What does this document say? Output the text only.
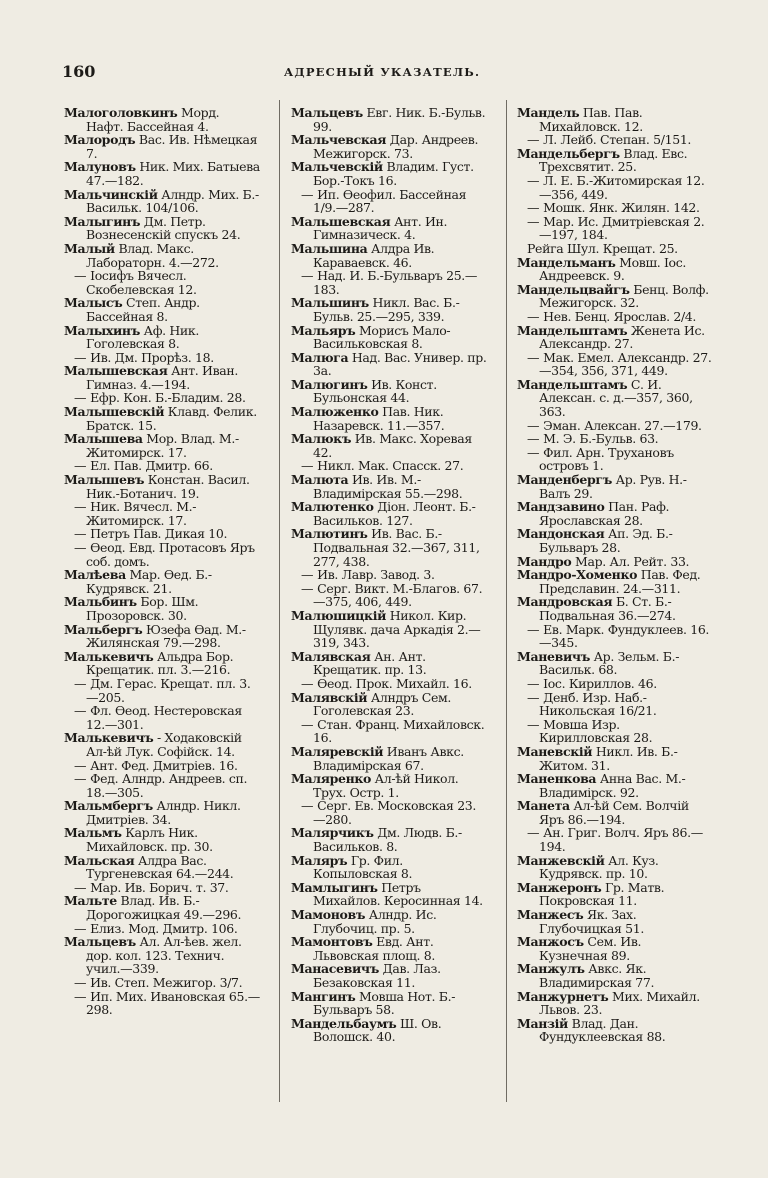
160	АДРЕСНЫЙ УКАЗАТЕЛЬ.

Малоголовкинъ Морд. Нафт. Бассейная 4.

Малородъ Вас. Ив. Нѣмецкая 7.

Малуновъ Ник. Мих. Батыева 47.—182.

Мальчинскій Алндр. Мих. Б.-Васильк. 104/106.

Малыгинъ Дм. Петр. Вознесенскій спускъ 24.

Малый Влад. Макс. Лабораторн. 4.—272.

— Іосифъ Вячесл. Скобелевская 12.

Малысъ Степ. Андр. Бассейная 8.

Малыхинъ Аф. Ник. Гоголевская 8.

— Ив. Дм. Прорѣз. 18.

Малышевская Ант. Иван. Гимназ. 4.—194.

— Ефр. Кон. Б.-Бладим. 28.

Малышевскій Клавд. Фелик. Братск. 15.

Малышева Мор. Влад. М.-Житомирск. 17.

— Ел. Пав. Дмитр. 66.

Малышевъ Констан. Васил. Ник.-Ботанич. 19.

— Ник. Вячесл. М.-Житомирск. 17.

— Петръ Пав. Дикая 10.

— Ѳеод. Евд. Протасовъ Яръ соб. домъ.

Малѣева Мар. Ѳед. Б.-Кудрявск. 21.

Мальбинъ Бор. Шм. Прозоровск. 30.

Мальбергъ Юзефа Ѳад. М.-Жилянская 79.—298.

Малькевичъ Альдра Бор. Крещатик. пл. 3.—216.

— Дм. Герас. Крещат. пл. 3.—205.

— Фл. Ѳеод. Нестеровская 12.—301.

Малькевичъ - Ходаковскій Ал-ѣй Лук. Софійск. 14.

— Ант. Фед. Дмитріев. 16.

— Фед. Алндр. Андреев. сп. 18.—305.

Мальмбергъ Алндр. Никл. Дмитріев. 34.

Мальмъ Карлъ Ник. Михайловск. пр. 30.

Мальская Алдра Вас. Тургеневская 64.—244.

— Мар. Ив. Борич. т. 37.

Мальте Влад. Ив. Б.-Дорогожицкая 49.—296.

— Елиз. Мод. Дмитр. 106.

Мальцевъ Ал. Ал-ѣев. жел. дор. кол. 123. Технич. учил.—339.

— Ив. Степ. Межигор. 3/7.

— Ип. Мих. Ивановская 65.—298.

Мальцевъ Евг. Ник. Б.-Бульв. 99.

Мальчевская Дар. Андреев. Межигорск. 73.

Мальчевскій Владим. Густ. Бор.-Токъ 16.

— Ип. Ѳеофил. Бассейная 1/9.—287.

Мальшевская Ант. Ин. Гимназическ. 4.

Мальшина Алдра Ив. Караваевск. 46.

— Над. И. Б.-Бульваръ 25.—183.

Мальшинъ Никл. Вас. Б.-Бульв. 25.—295, 339.

Мальяръ Морисъ Мало-Васильковская 8.

Малюга Над. Вас. Универ. пр. 3а.

Малюгинъ Ив. Конст. Бульонская 44.

Малюженко Пав. Ник. Назаревск. 11.—357.

Малюкъ Ив. Макс. Хоревая 42.

— Никл. Мак. Спасск. 27.

Малюта Ив. Ив. М.-Владимірская 55.—298.

Малютенко Діон. Леонт. Б.-Васильков. 127.

Малютинъ Ив. Вас. Б.-Подвальная 32.—367, 311, 277, 438.

— Ив. Лавр. Завод. 3.

— Серг. Викт. М.-Благов. 67.—375, 406, 449.

Малюшицкій Никол. Кир. Щулявк. дача Аркадія 2.—319, 343.

Малявская Ан. Ант. Крещатик. пр. 13.

— Ѳеод. Прок. Михайл. 16.

Малявскій Алндръ Сем. Гоголевская 23.

— Стан. Франц. Михайловск. 16.

Маляревскій Иванъ Авкс. Владимірская 67.

Маляренко Ал-ѣй Никол. Трух. Остр. 1.

— Серг. Ев. Московская 23.—280.

Малярчикъ Дм. Людв. Б.-Васильков. 8.

Маляръ Гр. Фил. Копыловская 8.

Мамлыгинъ Петръ Михайлов. Керосинная 14.

Мамоновъ Алндр. Ис. Глубочиц. пр. 5.

Мамонтовъ Евд. Ант. Львовская площ. 8.

Манасевичъ Дав. Лаз. Безаковская 11.

Мангинъ Мовша Нот. Б.-Бульваръ 58.

Мандельбаумъ Ш. Ов. Волошск. 40.

Мандель Пав. Пав. Михайловск. 12.

— Л. Лейб. Степан. 5/151.

Мандельбергъ Влад. Евс. Трехсвятит. 25.

— Л. Е. Б.-Житомирская 12.—356, 449.

— Мошк. Янк. Жилян. 142.

— Мар. Ис. Дмитріевская 2.—197, 184.

Рейга Шул. Крещат. 25.

Мандельманъ Мовш. Іос. Андреевск. 9.

Мандельцвайгъ Бенц. Волф. Межигорск. 32.

— Нев. Бенц. Ярослав. 2/4.

Мандельштамъ Женета Ис. Александр. 27.

— Мак. Емел. Александр. 27.—354, 356, 371, 449.

Мандельштамъ С. И. Алексан. с. д.—357, 360, 363.

— Эман. Алексан. 27.—179.

— М. Э. Б.-Бульв. 63.

— Фил. Арн. Трухановъ островъ 1.

Манденбергъ Ар. Рув. Н.-Валъ 29.

Мандзавино Пан. Раф. Ярославская 28.

Мандонская Ап. Эд. Б.-Бульваръ 28.

Мандро Мар. Ал. Рейт. 33.

Мандро-Хоменко Пав. Фед. Предславин. 24.—311.

Мандровская Б. Ст. Б.-Подвальная 36.—274.

— Ев. Марк. Фундуклеев. 16.—345.

Маневичъ Ар. Зельм. Б.-Васильк. 68.

— Іос. Кириллов. 46.

— Денб. Изр. Наб.-Никольская 16/21.

— Мовша Изр. Кирилловская 28.

Маневскій Никл. Ив. Б.-Житом. 31.

Маненкова Анна Вас. М.-Владимірск. 92.

Манета Ал-ѣй Сем. Волчій Яръ 86.—194.

— Ан. Григ. Волч. Яръ 86.—194.

Манжевскій Ал. Куз. Кудрявск. пр. 10.

Манжеронъ Гр. Матв. Покровская 11.

Манжесъ Як. Зах. Глубочицкая 51.

Манжосъ Сем. Ив. Кузнечная 89.

Манжулъ Авкс. Як. Владимирская 77.

Манжурнетъ Мих. Михайл. Львов. 23.

Манзій Влад. Дан. Фундуклеевская 88.
